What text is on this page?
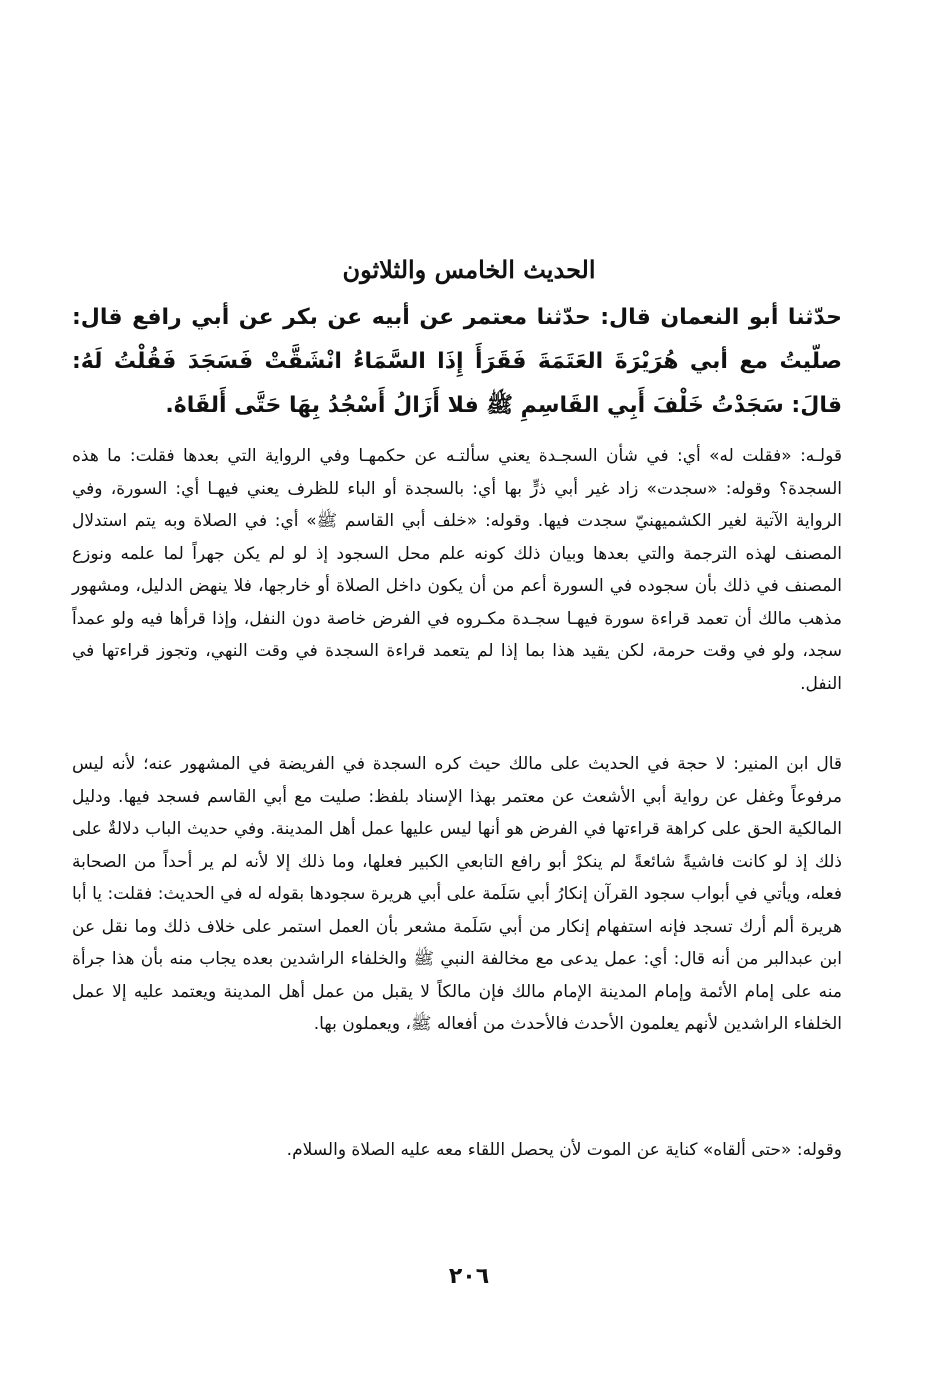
الحديث الخامس والثلاثون
حدّثنا أبو النعمان قال: حدّثنا معتمر عن أبيه عن بكر عن أبي رافع قال: صلّيتُ مع أبي هُرَيْرَةَ العَتَمَةَ فَقَرَأَ إِذَا السَّمَاءُ انْشَقَّتْ فَسَجَدَ فَقُلْتُ لَهُ: قالَ: سَجَدْتُ خَلْفَ أَبِي القَاسِمِ ﷺ فلا أَزَالُ أَسْجُدُ بِهَا حَتَّى أَلقَاهُ.
قولـه: «فقلت له» أي: في شأن السجـدة يعني سألتـه عن حكمهـا وفي الرواية التي بعدها فقلت: ما هذه السجدة؟ وقوله: «سجدت» زاد غير أبي ذرٍّ بها أي: بالسجدة أو الباء للظرف يعني فيهـا أي: السورة، وفي الرواية الآتية لغير الكشميهنيّ سجدت فيها. وقوله: «خلف أبي القاسم ﷺ» أي: في الصلاة وبه يتم استدلال المصنف لهذه الترجمة والتي بعدها وبيان ذلك كونه علم محل السجود إذ لو لم يكن جهراً لما علمه ونوزع المصنف في ذلك بأن سجوده في السورة أعم من أن يكون داخل الصلاة أو خارجها، فلا ينهض الدليل، ومشهور مذهب مالك أن تعمد قراءة سورة فيهـا سجـدة مكـروه في الفرض خاصة دون النفل، وإذا قرأها فيه ولو عمداً سجد، ولو في وقت حرمة، لكن يقيد هذا بما إذا لم يتعمد قراءة السجدة في وقت النهي، وتجوز قراءتها في النفل.
قال ابن المنير: لا حجة في الحديث على مالك حيث كره السجدة في الفريضة في المشهور عنه؛ لأنه ليس مرفوعاً وغفل عن رواية أبي الأشعث عن معتمر بهذا الإسناد بلفظ: صليت مع أبي القاسم فسجد فيها. ودليل المالكية الحق على كراهة قراءتها في الفرض هو أنها ليس عليها عمل أهل المدينة. وفي حديث الباب دلالةٌ على ذلك إذ لو كانت فاشيةً شائعةً لم ينكرْ أبو رافع التابعي الكبير فعلها، وما ذلك إلا لأنه لم ير أحداً من الصحابة فعله، ويأتي في أبواب سجود القرآن إنكارُ أبي سَلَمة على أبي هريرة سجودها بقوله له في الحديث: فقلت: يا أبا هريرة ألم أرك تسجد فإنه استفهام إنكار من أبي سَلَمة مشعر بأن العمل استمر على خلاف ذلك وما نقل عن ابن عبدالبر من أنه قال: أي: عمل يدعى مع مخالفة النبي ﷺ والخلفاء الراشدين بعده يجاب منه بأن هذا جرأة منه على إمام الأئمة وإمام المدينة الإمام مالك فإن مالكاً لا يقبل من عمل أهل المدينة ويعتمد عليه إلا عمل الخلفاء الراشدين لأنهم يعلمون الأحدث فالأحدث من أفعاله ﷺ، ويعملون بها.
وقوله: «حتى ألقاه» كناية عن الموت لأن يحصل اللقاء معه عليه الصلاة والسلام.
٢٠٦
